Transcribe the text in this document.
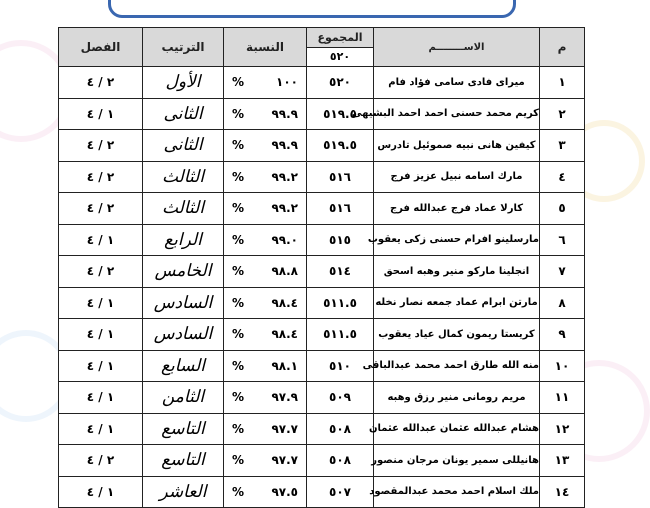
م	الاســــــــم	المجموع	النسبة	الترتيب	الفصل
		٥٢٠			
١	ميراى فادى سامى فؤاد فام	٥٢٠	% ١٠٠	الأول	٢ / ٤
٢	كريم محمد حسنى احمد احمد البشيهى	٥١٩.٥	% ٩٩.٩	الثانى	١ / ٤
٣	كيفين هانى نبيه صموئيل تادرس	٥١٩.٥	% ٩٩.٩	الثانى	٢ / ٤
٤	مارك اسامه نبيل عزيز فرج	٥١٦	% ٩٩.٢	الثالث	٢ / ٤
٥	كارلا عماد فرج عبدالله فرج	٥١٦	% ٩٩.٢	الثالث	٢ / ٤
٦	مارسلينو افرام حسنى زكى يعقوب	٥١٥	% ٩٩.٠	الرابع	١ / ٤
٧	انجلينا ماركو منير وهبه اسحق	٥١٤	% ٩٨.٨	الخامس	٢ / ٤
٨	مارتن ابرام عماد جمعه نصار نخله	٥١١.٥	% ٩٨.٤	السادس	١ / ٤
٩	كريستا ريمون كمال عياد يعقوب	٥١١.٥	% ٩٨.٤	السادس	١ / ٤
١٠	منه الله طارق احمد محمد عبدالباقى	٥١٠	% ٩٨.١	السابع	١ / ٤
١١	مريم رومانى منير رزق وهبه	٥٠٩	% ٩٧.٩	الثامن	١ / ٤
١٢	هشام عبدالله عثمان عبدالله عثمان	٥٠٨	% ٩٧.٧	التاسع	١ / ٤
١٣	هانيللى سمير يونان مرجان منصور	٥٠٨	% ٩٧.٧	التاسع	٢ / ٤
١٤	ملك اسلام احمد محمد عبدالمقصود	٥٠٧	% ٩٧.٥	العاشر	١ / ٤
